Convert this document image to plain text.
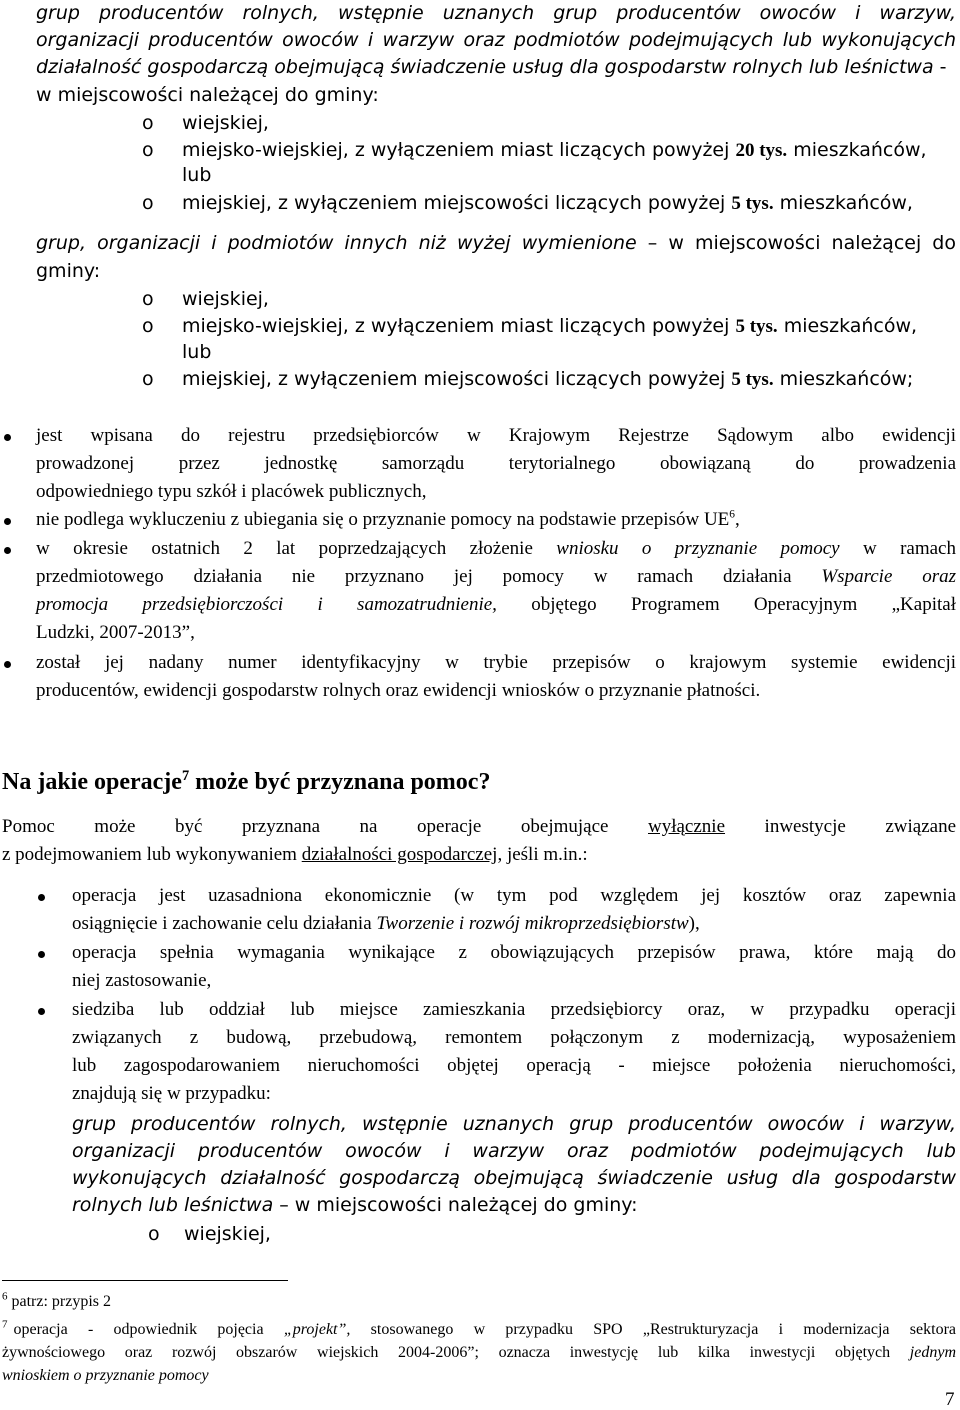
grup producentów rolnych, wstępnie uznanych grup producentów owoców i warzyw,
organizacji producentów owoców i warzyw oraz podmiotów podejmujących lub wykonujących
działalność gospodarczą obejmującą świadczenie usług dla gospodarstw rolnych lub leśnictwa -
w miejscowości należącej do gminy:
o wiejskiej,
o miejsko-wiejskiej, z wyłączeniem miast liczących powyżej 20 tys. mieszkańców,
lub
o miejskiej, z wyłączeniem miejscowości liczących powyżej 5 tys. mieszkańców,
grup, organizacji i podmiotów innych niż wyżej wymienione – w miejscowości należącej do
gminy:
o wiejskiej,
o miejsko-wiejskiej, z wyłączeniem miast liczących powyżej 5 tys. mieszkańców,
lub
o miejskiej, z wyłączeniem miejscowości liczących powyżej 5 tys. mieszkańców;
jest wpisana do rejestru przedsiębiorców w Krajowym Rejestrze Sądowym albo ewidencji
prowadzonej przez jednostkę samorządu terytorialnego obowiązaną do prowadzenia
odpowiedniego typu szkół i placówek publicznych,
nie podlega wykluczeniu z ubiegania się o przyznanie pomocy na podstawie przepisów $UE^6$,
w okresie ostatnich 2 lat poprzedzających złożenie wniosku o przyznanie pomocy w ramach
przedmiotowego działania nie przyznano jej pomocy w ramach działania Wsparcie oraz
promocja przedsiębiorczości i samozatrudnienie, objętego Programem Operacyjnym „Kapitał
Ludzki, 2007-2013”,
został jej nadany numer identyfikacyjny w trybie przepisów o krajowym systemie ewidencji
producentów, ewidencji gospodarstw rolnych oraz ewidencji wniosków o przyznanie płatności.
Na jakie operacje$^7$ może być przyznana pomoc?
Pomoc może być przyznana na operacje obejmujące wyłącznie inwestycje związane
z podejmowaniem lub wykonywaniem działalności gospodarczej, jeśli m.in.:
operacja jest uzasadniona ekonomicznie (w tym pod względem jej kosztów oraz zapewnia
osiągnięcie i zachowanie celu działania Tworzenie i rozwój mikroprzedsiębiorstw),
operacja spełnia wymagania wynikające z obowiązujących przepisów prawa, które mają do
niej zastosowanie,
siedziba lub oddział lub miejsce zamieszkania przedsiębiorcy oraz, w przypadku operacji
związanych z budową, przebudową, remontem połączonym z modernizacją, wyposażeniem
lub zagospodarowaniem nieruchomości objętej operacją - miejsce położenia nieruchomości,
znajdują się w przypadku:
grup producentów rolnych, wstępnie uznanych grup producentów owoców i warzyw,
organizacji producentów owoców i warzyw oraz podmiotów podejmujących lub
wykonujących działalność gospodarczą obejmującą świadczenie usług dla gospodarstw
rolnych lub leśnictwa – w miejscowości należącej do gminy:
o wiejskiej,
$^6$ patrz: przypis 2
$^7$ operacja - odpowiednik pojęcia „projekt”, stosowanego w przypadku SPO „Restrukturyzacja i modernizacja sektora
żywnościowego oraz rozwój obszarów wiejskich 2004-2006”; oznacza inwestycję lub kilka inwestycji objętych jednym
wnioskiem o przyznanie pomocy
7
